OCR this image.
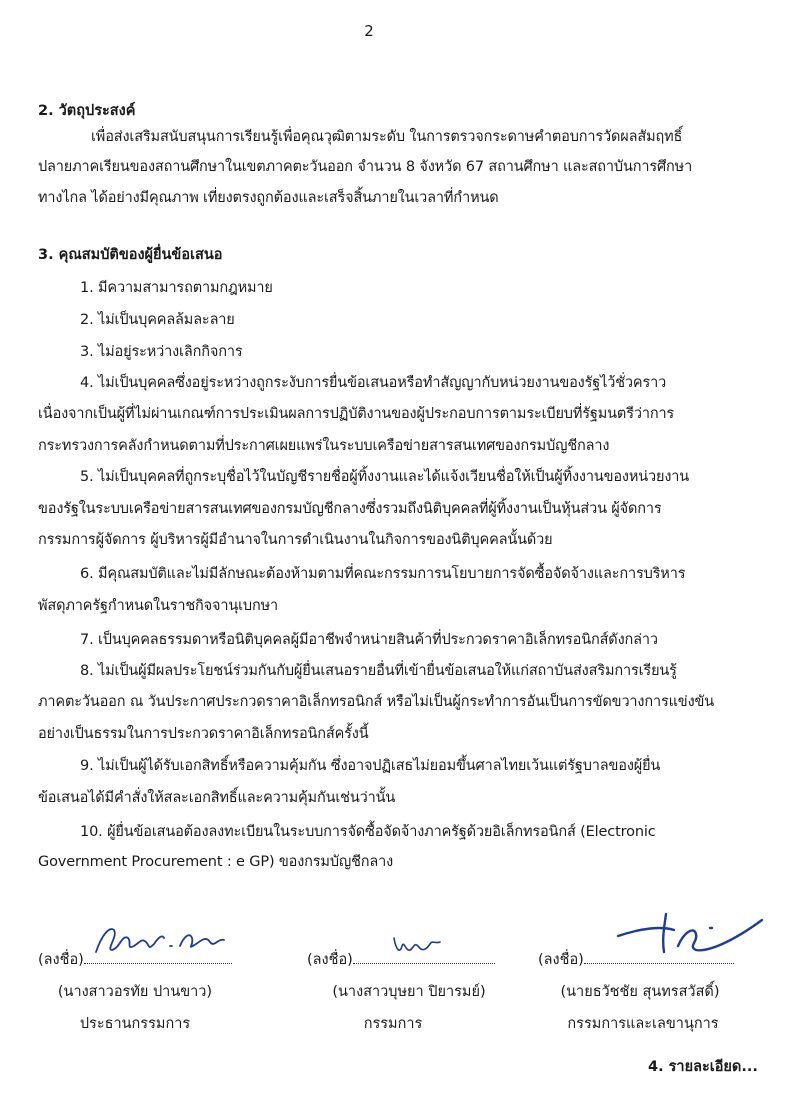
2
2. วัตถุประสงค์
เพื่อส่งเสริมสนับสนุนการเรียนรู้เพื่อคุณวุฒิตามระดับ ในการตรวจกระดาษคำตอบการวัดผลสัมฤทธิ์
ปลายภาคเรียนของสถานศึกษาในเขตภาคตะวันออก จำนวน 8 จังหวัด 67 สถานศึกษา และสถาบันการศึกษา
ทางไกล ได้อย่างมีคุณภาพ เที่ยงตรงถูกต้องและเสร็จสิ้นภายในเวลาที่กำหนด
3. คุณสมบัติของผู้ยื่นข้อเสนอ
1. มีความสามารถตามกฎหมาย
2. ไม่เป็นบุคคลล้มละลาย
3. ไม่อยู่ระหว่างเลิกกิจการ
4. ไม่เป็นบุคคลซึ่งอยู่ระหว่างถูกระงับการยื่นข้อเสนอหรือทำสัญญากับหน่วยงานของรัฐไว้ชั่วคราว
เนื่องจากเป็นผู้ที่ไม่ผ่านเกณฑ์การประเมินผลการปฏิบัติงานของผู้ประกอบการตามระเบียบที่รัฐมนตรีว่าการ
กระทรวงการคลังกำหนดตามที่ประกาศเผยแพร่ในระบบเครือข่ายสารสนเทศของกรมบัญชีกลาง
5. ไม่เป็นบุคคลที่ถูกระบุชื่อไว้ในบัญชีรายชื่อผู้ทิ้งงานและได้แจ้งเวียนชื่อให้เป็นผู้ทิ้งงานของหน่วยงาน
ของรัฐในระบบเครือข่ายสารสนเทศของกรมบัญชีกลางซึ่งรวมถึงนิติบุคคลที่ผู้ทิ้งงานเป็นหุ้นส่วน ผู้จัดการ
กรรมการผู้จัดการ ผู้บริหารผู้มีอำนาจในการดำเนินงานในกิจการของนิติบุคคลนั้นด้วย
6. มีคุณสมบัติและไม่มีลักษณะต้องห้ามตามที่คณะกรรมการนโยบายการจัดซื้อจัดจ้างและการบริหาร
พัสดุภาครัฐกำหนดในราชกิจจานุเบกษา
7. เป็นบุคคลธรรมดาหรือนิติบุคคลผู้มีอาชีพจำหน่ายสินค้าที่ประกวดราคาอิเล็กทรอนิกส์ดังกล่าว
8. ไม่เป็นผู้มีผลประโยชน์ร่วมกันกับผู้ยื่นเสนอรายอื่นที่เข้ายื่นข้อเสนอให้แก่สถาบันส่งสริมการเรียนรู้
ภาคตะวันออก ณ วันประกาศประกวดราคาอิเล็กทรอนิกส์ หรือไม่เป็นผู้กระทำการอันเป็นการขัดขวางการแข่งขัน
อย่างเป็นธรรมในการประกวดราคาอิเล็กทรอนิกส์ครั้งนี้
9. ไม่เป็นผู้ได้รับเอกสิทธิ์หรือความคุ้มกัน ซึ่งอาจปฏิเสธไม่ยอมขึ้นศาลไทยเว้นแต่รัฐบาลของผู้ยื่น
ข้อเสนอได้มีคำสั่งให้สละเอกสิทธิ์และความคุ้มกันเช่นว่านั้น
10. ผู้ยื่นข้อเสนอต้องลงทะเบียนในระบบการจัดซื้อจัดจ้างภาครัฐด้วยอิเล็กทรอนิกส์ (Electronic
Government Procurement : e GP) ของกรมบัญชีกลาง
(ลงชื่อ)
(นางสาวอรทัย ปานขาว)
ประธานกรรมการ
(ลงชื่อ)
(นางสาวบุษยา ปิยารมย์)
กรรมการ
(ลงชื่อ)
(นายธวัชชัย สุนทรสวัสดิ์)
กรรมการและเลขานุการ
4. รายละเอียด...
